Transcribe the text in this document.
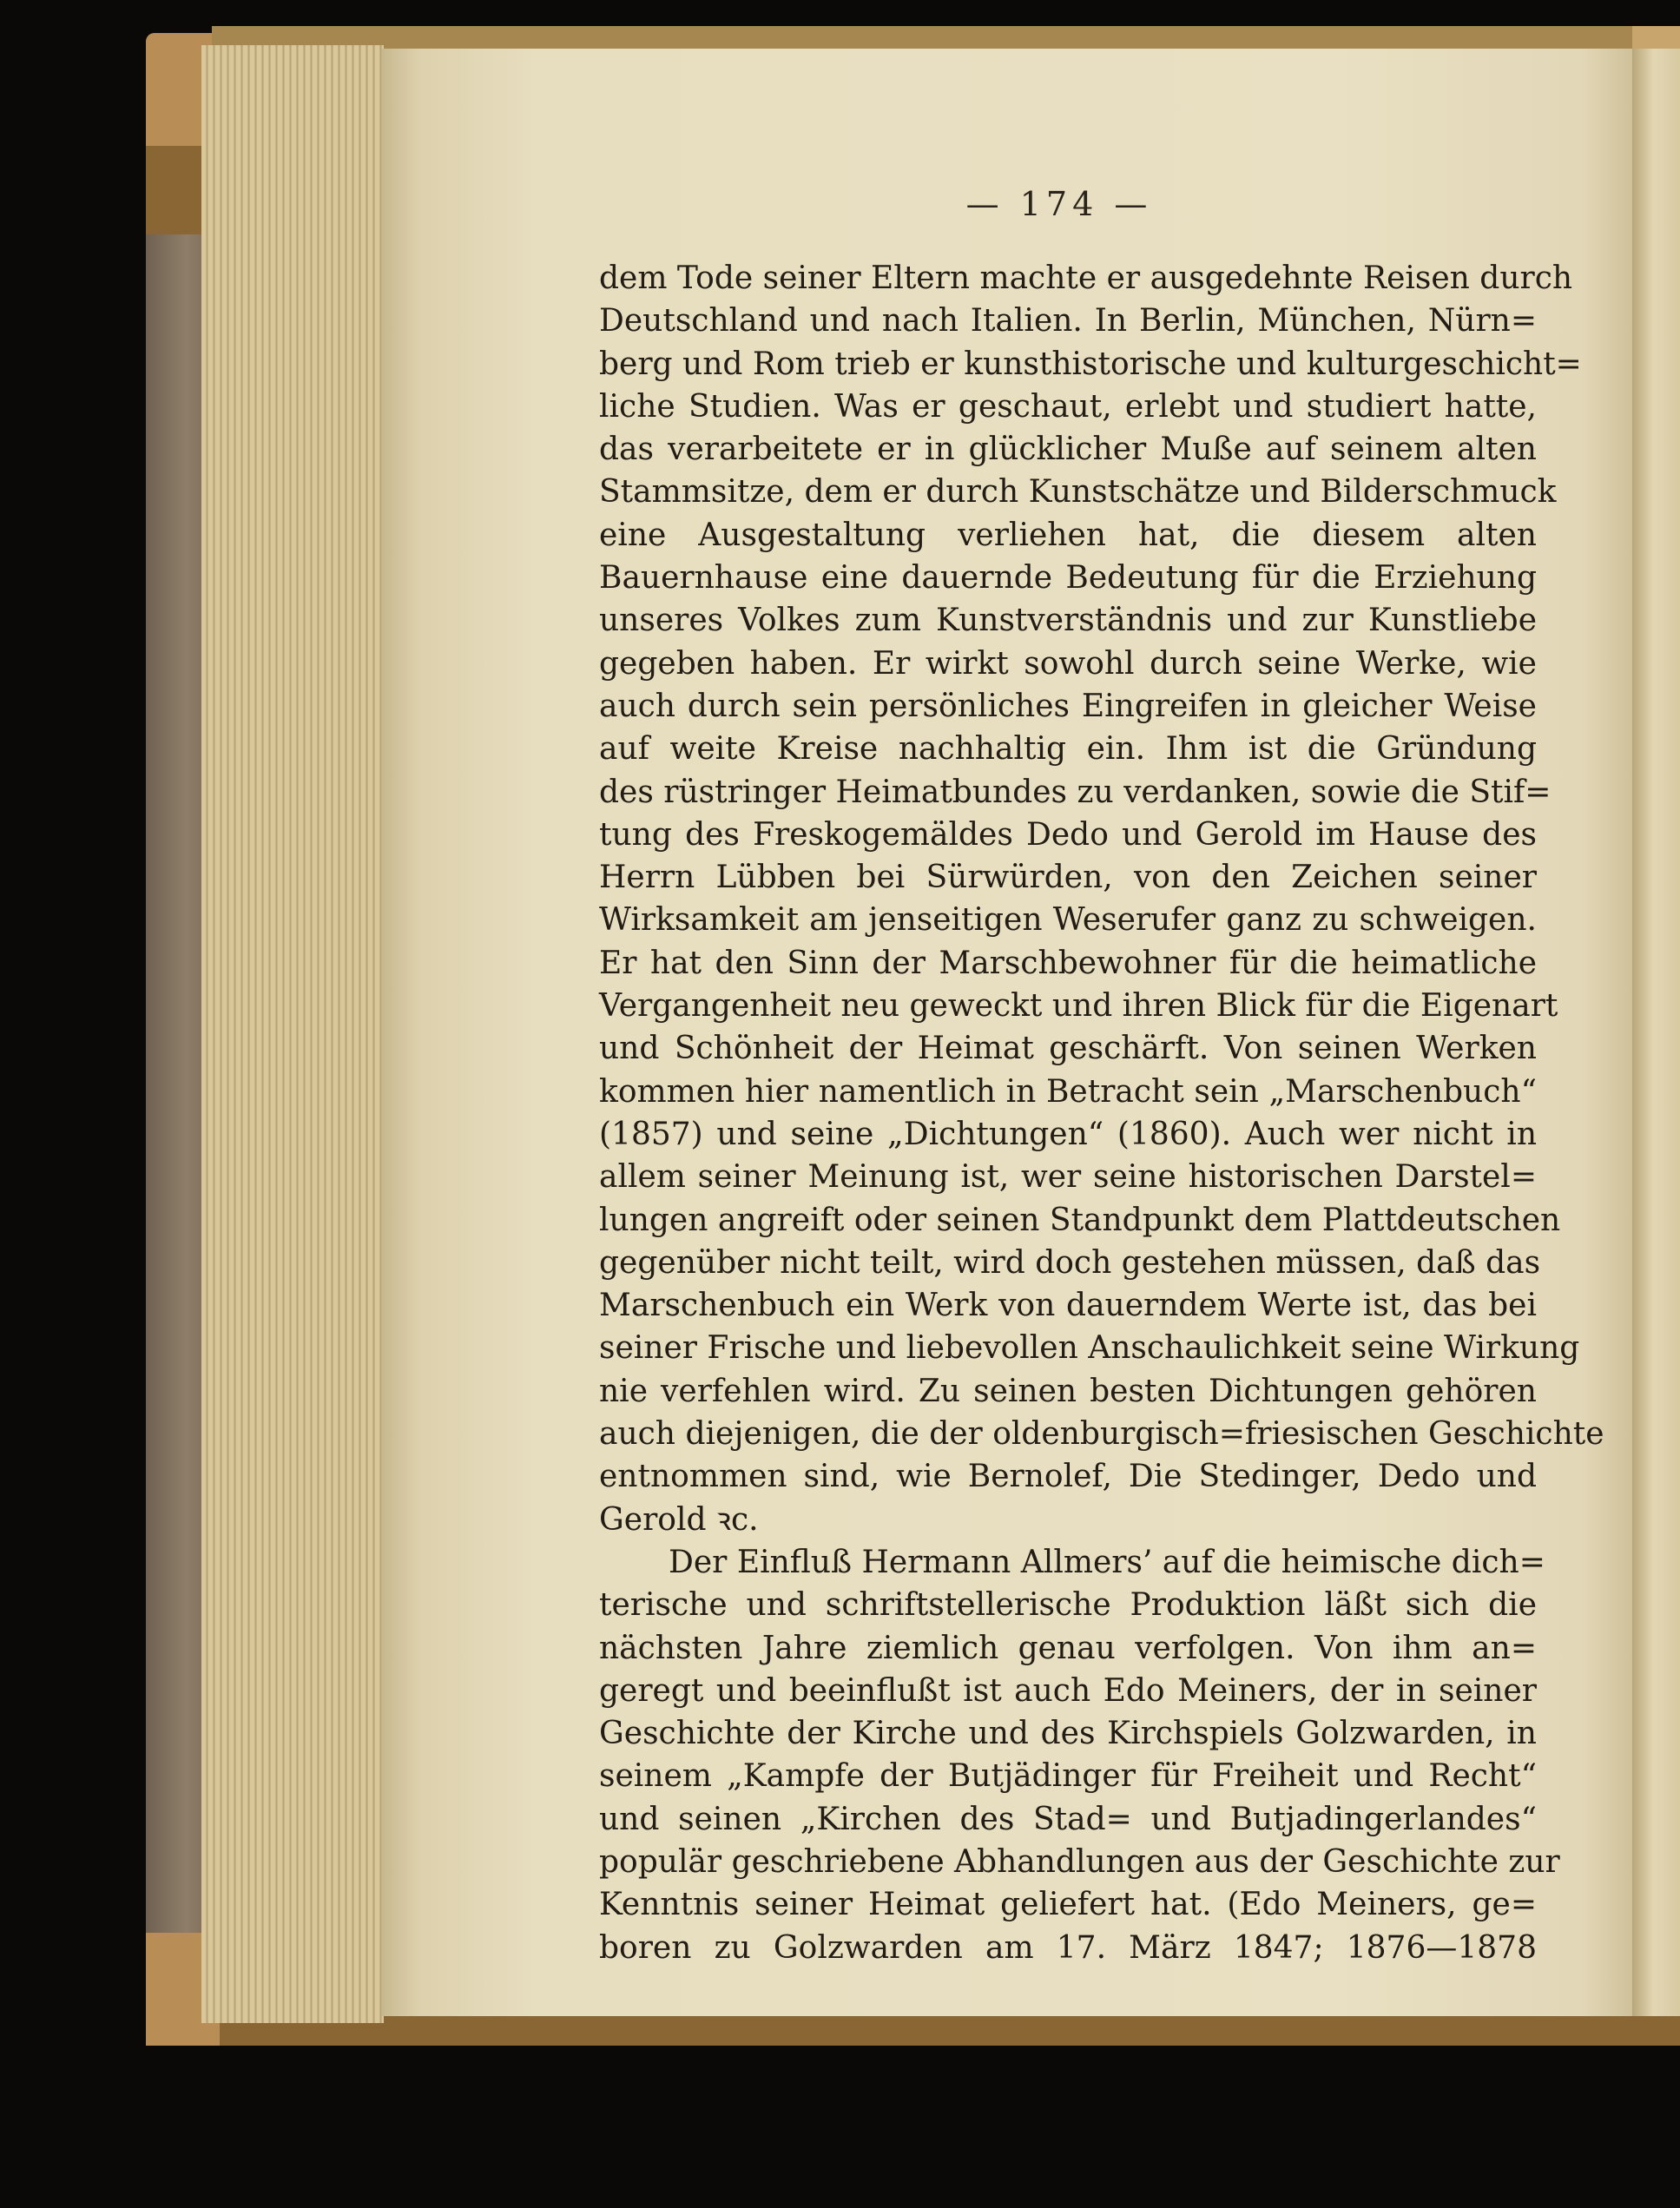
— 174 —
dem Tode seiner Eltern machte er ausgedehnte Reisen durch
Deutschland und nach Italien. In Berlin, München, Nürn=
berg und Rom trieb er kunsthistorische und kulturgeschicht=
liche Studien. Was er geschaut, erlebt und studiert hatte,
das verarbeitete er in glücklicher Muße auf seinem alten
Stammsitze, dem er durch Kunstschätze und Bilderschmuck
eine Ausgestaltung verliehen hat, die diesem alten
Bauernhause eine dauernde Bedeutung für die Erziehung
unseres Volkes zum Kunstverständnis und zur Kunstliebe
gegeben haben. Er wirkt sowohl durch seine Werke, wie
auch durch sein persönliches Eingreifen in gleicher Weise
auf weite Kreise nachhaltig ein. Ihm ist die Gründung
des rüstringer Heimatbundes zu verdanken, sowie die Stif=
tung des Freskogemäldes Dedo und Gerold im Hause des
Herrn Lübben bei Sürwürden, von den Zeichen seiner
Wirksamkeit am jenseitigen Weserufer ganz zu schweigen.
Er hat den Sinn der Marschbewohner für die heimatliche
Vergangenheit neu geweckt und ihren Blick für die Eigenart
und Schönheit der Heimat geschärft. Von seinen Werken
kommen hier namentlich in Betracht sein „Marschenbuch“
(1857) und seine „Dichtungen“ (1860). Auch wer nicht in
allem seiner Meinung ist, wer seine historischen Darstel=
lungen angreift oder seinen Standpunkt dem Plattdeutschen
gegenüber nicht teilt, wird doch gestehen müssen, daß das
Marschenbuch ein Werk von dauerndem Werte ist, das bei
seiner Frische und liebevollen Anschaulichkeit seine Wirkung
nie verfehlen wird. Zu seinen besten Dichtungen gehören
auch diejenigen, die der oldenburgisch=friesischen Geschichte
entnommen sind, wie Bernolef, Die Stedinger, Dedo und
Gerold ꝛc.
Der Einfluß Hermann Allmers’ auf die heimische dich=
terische und schriftstellerische Produktion läßt sich die
nächsten Jahre ziemlich genau verfolgen. Von ihm an=
geregt und beeinflußt ist auch Edo Meiners, der in seiner
Geschichte der Kirche und des Kirchspiels Golzwarden, in
seinem „Kampfe der Butjädinger für Freiheit und Recht“
und seinen „Kirchen des Stad= und Butjadingerlandes“
populär geschriebene Abhandlungen aus der Geschichte zur
Kenntnis seiner Heimat geliefert hat. (Edo Meiners, ge=
boren zu Golzwarden am 17. März 1847; 1876—1878
